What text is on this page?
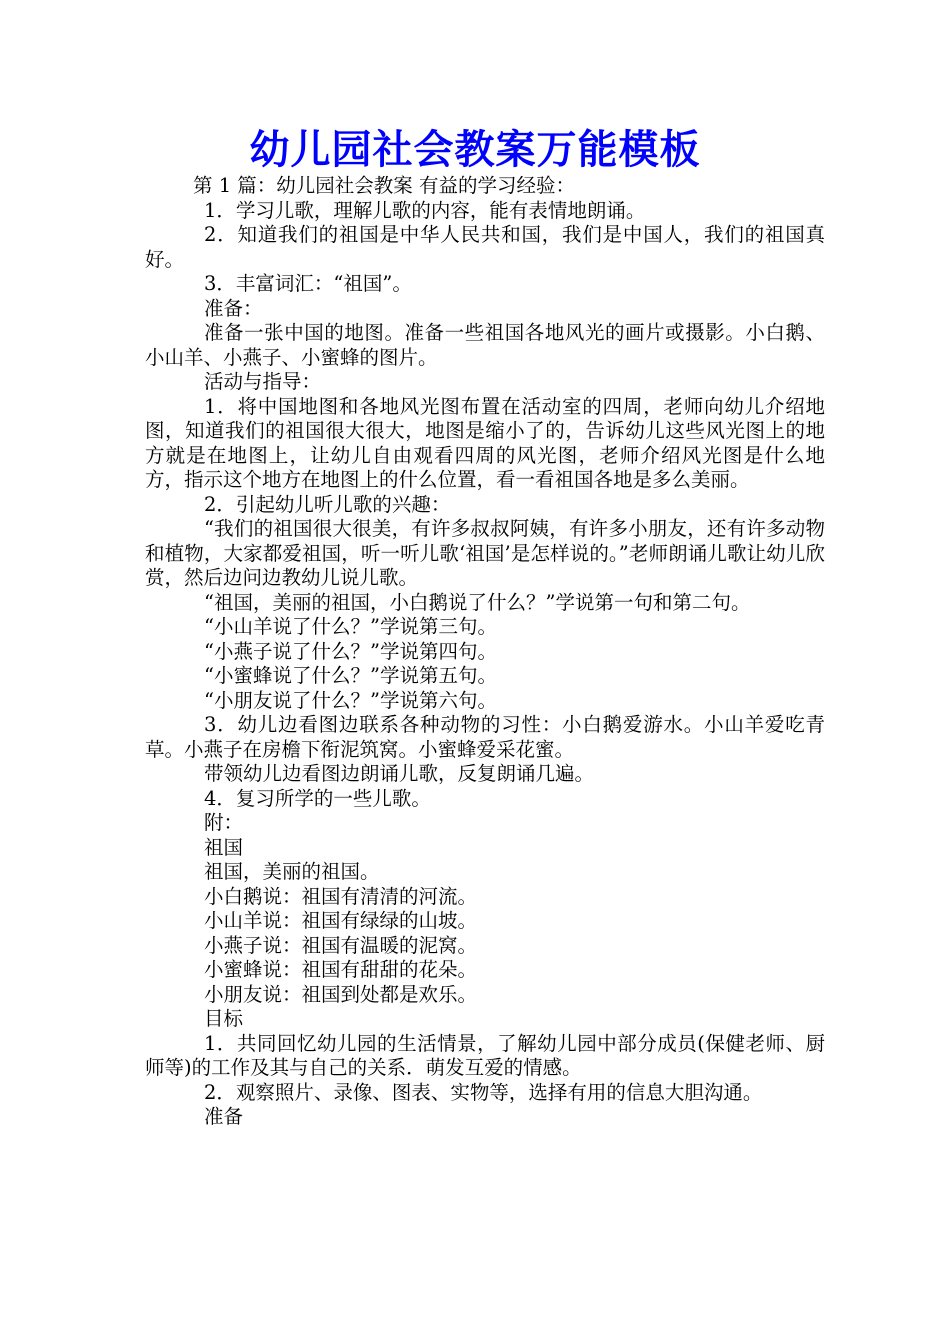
幼儿园社会教案万能模板

第 1 篇：幼儿园社会教案 有益的学习经验：

1．学习儿歌，理解儿歌的内容，能有表情地朗诵。

2．知道我们的祖国是中华人民共和国，我们是中国人，我们的祖国真好。

3．丰富词汇：“祖国”。

准备：

准备一张中国的地图。准备一些祖国各地风光的画片或摄影。小白鹅、小山羊、小燕子、小蜜蜂的图片。

活动与指导：

1．将中国地图和各地风光图布置在活动室的四周，老师向幼儿介绍地图，知道我们的祖国很大很大，地图是缩小了的，告诉幼儿这些风光图上的地方就是在地图上，让幼儿自由观看四周的风光图，老师介绍风光图是什么地方，指示这个地方在地图上的什么位置，看一看祖国各地是多么美丽。

2．引起幼儿听儿歌的兴趣：

“我们的祖国很大很美，有许多叔叔阿姨，有许多小朋友，还有许多动物和植物，大家都爱祖国，听一听儿歌‘祖国’是怎样说的。”老师朗诵儿歌让幼儿欣赏，然后边问边教幼儿说儿歌。

“祖国，美丽的祖国，小白鹅说了什么？”学说第一句和第二句。

“小山羊说了什么？”学说第三句。

“小燕子说了什么？”学说第四句。

“小蜜蜂说了什么？”学说第五句。

“小朋友说了什么？”学说第六句。

3．幼儿边看图边联系各种动物的习性：小白鹅爱游水。小山羊爱吃青草。小燕子在房檐下衔泥筑窝。小蜜蜂爱采花蜜。

带领幼儿边看图边朗诵儿歌，反复朗诵几遍。

4．复习所学的一些儿歌。

附：

祖国

祖国，美丽的祖国。

小白鹅说：祖国有清清的河流。

小山羊说：祖国有绿绿的山坡。

小燕子说：祖国有温暖的泥窝。

小蜜蜂说：祖国有甜甜的花朵。

小朋友说：祖国到处都是欢乐。

目标

1．共同回忆幼儿园的生活情景，了解幼儿园中部分成员(保健老师、厨师等)的工作及其与自己的关系．萌发互爱的情感。

2．观察照片、录像、图表、实物等，选择有用的信息大胆沟通。

准备
